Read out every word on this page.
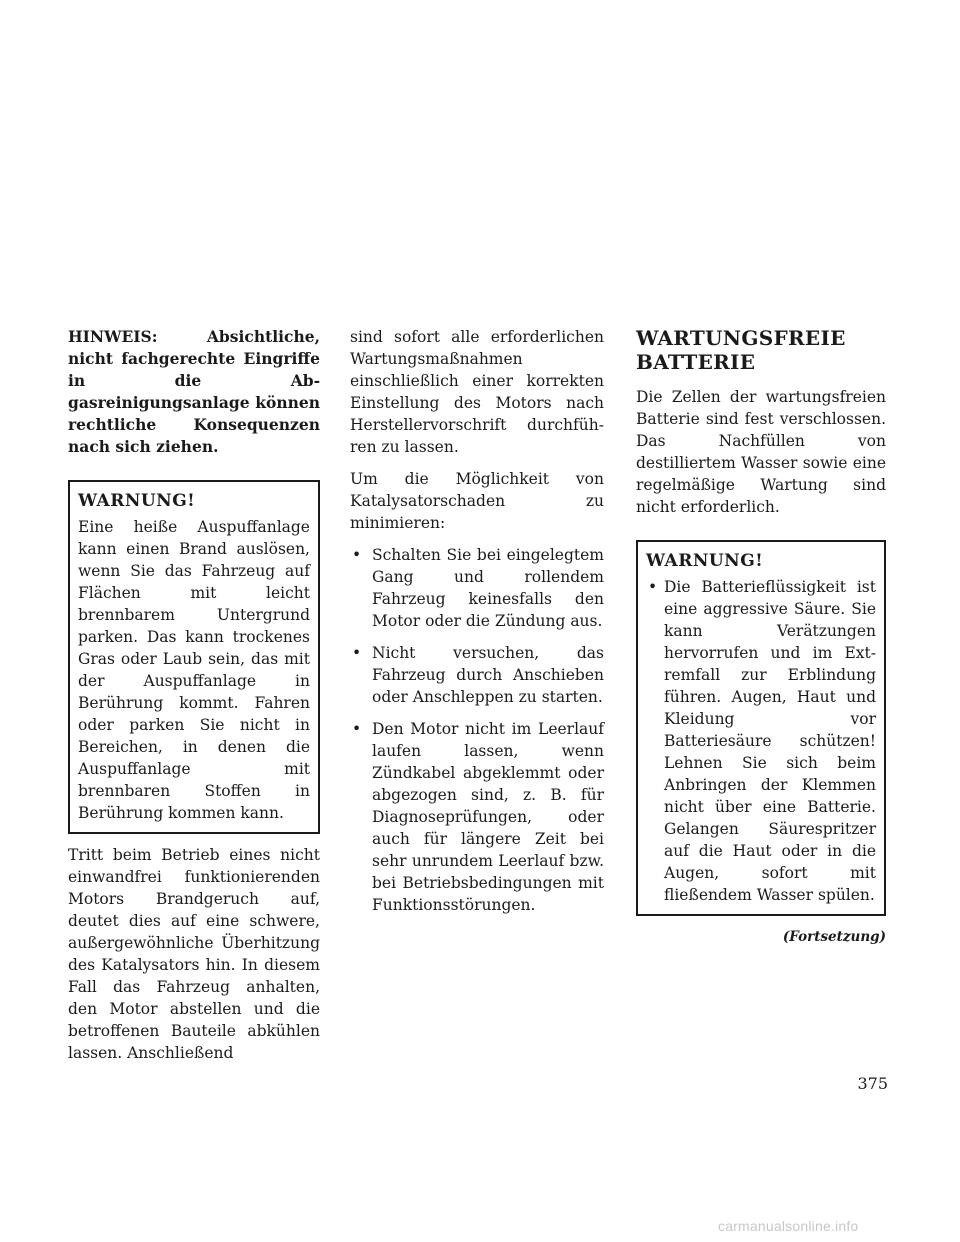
HINWEIS: Absichtliche, nicht fachgerechte Eingriffe in die Abgasreinigungsanlage können rechtliche Konsequenzen nach sich ziehen.
WARNUNG!

Eine heiße Auspuffanlage kann einen Brand auslösen, wenn Sie das Fahrzeug auf Flächen mit leicht brennbarem Untergrund parken. Das kann trockenes Gras oder Laub sein, das mit der Auspuffanlage in Berührung kommt. Fahren oder parken Sie nicht in Bereichen, in denen die Auspuffanlage mit brennbaren Stoffen in Berührung kommen kann.

Tritt beim Betrieb eines nicht einwandfrei funktionierenden Motors Brandgeruch auf, deutet dies auf eine schwere, außergewöhnliche Überhitzung des Katalysators hin. In diesem Fall das Fahrzeug anhalten, den Motor abstellen und die betroffenen Bauteile abkühlen lassen. Anschließend

sind sofort alle erforderlichen Wartungsmaßnahmen einschließlich einer korrekten Einstellung des Motors nach Herstellervorschrift durchführen zu lassen.

Um die Möglichkeit von Katalysatorschaden zu minimieren:

• Schalten Sie bei eingelegtem Gang und rollendem Fahrzeug keinesfalls den Motor oder die Zündung aus.
• Nicht versuchen, das Fahrzeug durch Anschieben oder Anschleppen zu starten.
• Den Motor nicht im Leerlauf laufen lassen, wenn Zündkabel abgeklemmt oder abgezogen sind, z. B. für Diagnoseprüfungen, oder auch für längere Zeit bei sehr unrundem Leerlauf bzw. bei Betriebsbedingungen mit Funktionsstörungen.
WARTUNGSFREIE BATTERIE

Die Zellen der wartungsfreien Batterie sind fest verschlossen. Das Nachfüllen von destilliertem Wasser sowie eine regelmäßige Wartung sind nicht erforderlich.

WARNUNG!
• Die Batterieflüssigkeit ist eine aggressive Säure. Sie kann Verätzungen hervorrufen und im Extremfall zur Erblindung führen. Augen, Haut und Kleidung vor Batteriesäure schützen! Lehnen Sie sich beim Anbringen der Klemmen nicht über eine Batterie. Gelangen Säurespritzer auf die Haut oder in die Augen, sofort mit fließendem Wasser spülen.
(Fortsetzung)
375
carmanualsonline.info
